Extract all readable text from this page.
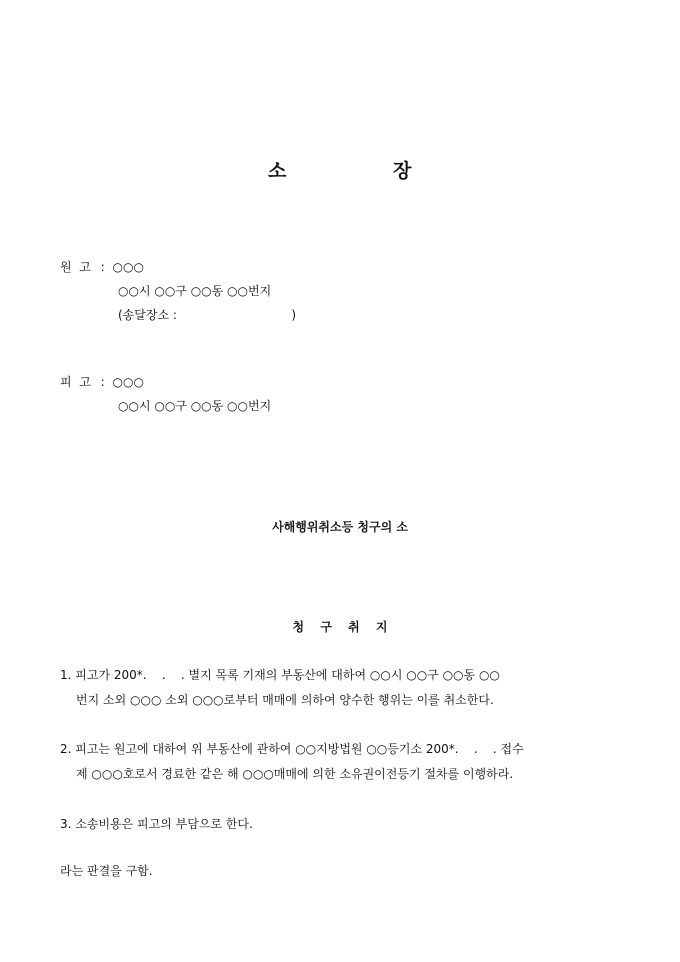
소	장
원  고 : ○○○
○○시 ○○구 ○○동 ○○번지
(송달장소 :                              )
피  고 : ○○○
○○시 ○○구 ○○동 ○○번지
사해행위취소등 청구의 소
청 구 취 지
1. 피고가 200*.    .    . 별지 목록 기재의 부동산에 대하여 ○○시 ○○구 ○○동 ○○
번지 소외 ○○○ 소외 ○○○로부터 매매에 의하여 양수한 행위는 이를 취소한다.
2. 피고는 원고에 대하여 위 부동산에 관하여 ○○지방법원 ○○등기소 200*.    .    . 접수
제 ○○○호로서 경료한 같은 해 ○○○매매에 의한 소유권이전등기 절차를 이행하라.
3. 소송비용은 피고의 부담으로 한다.
라는 판결을 구함.
